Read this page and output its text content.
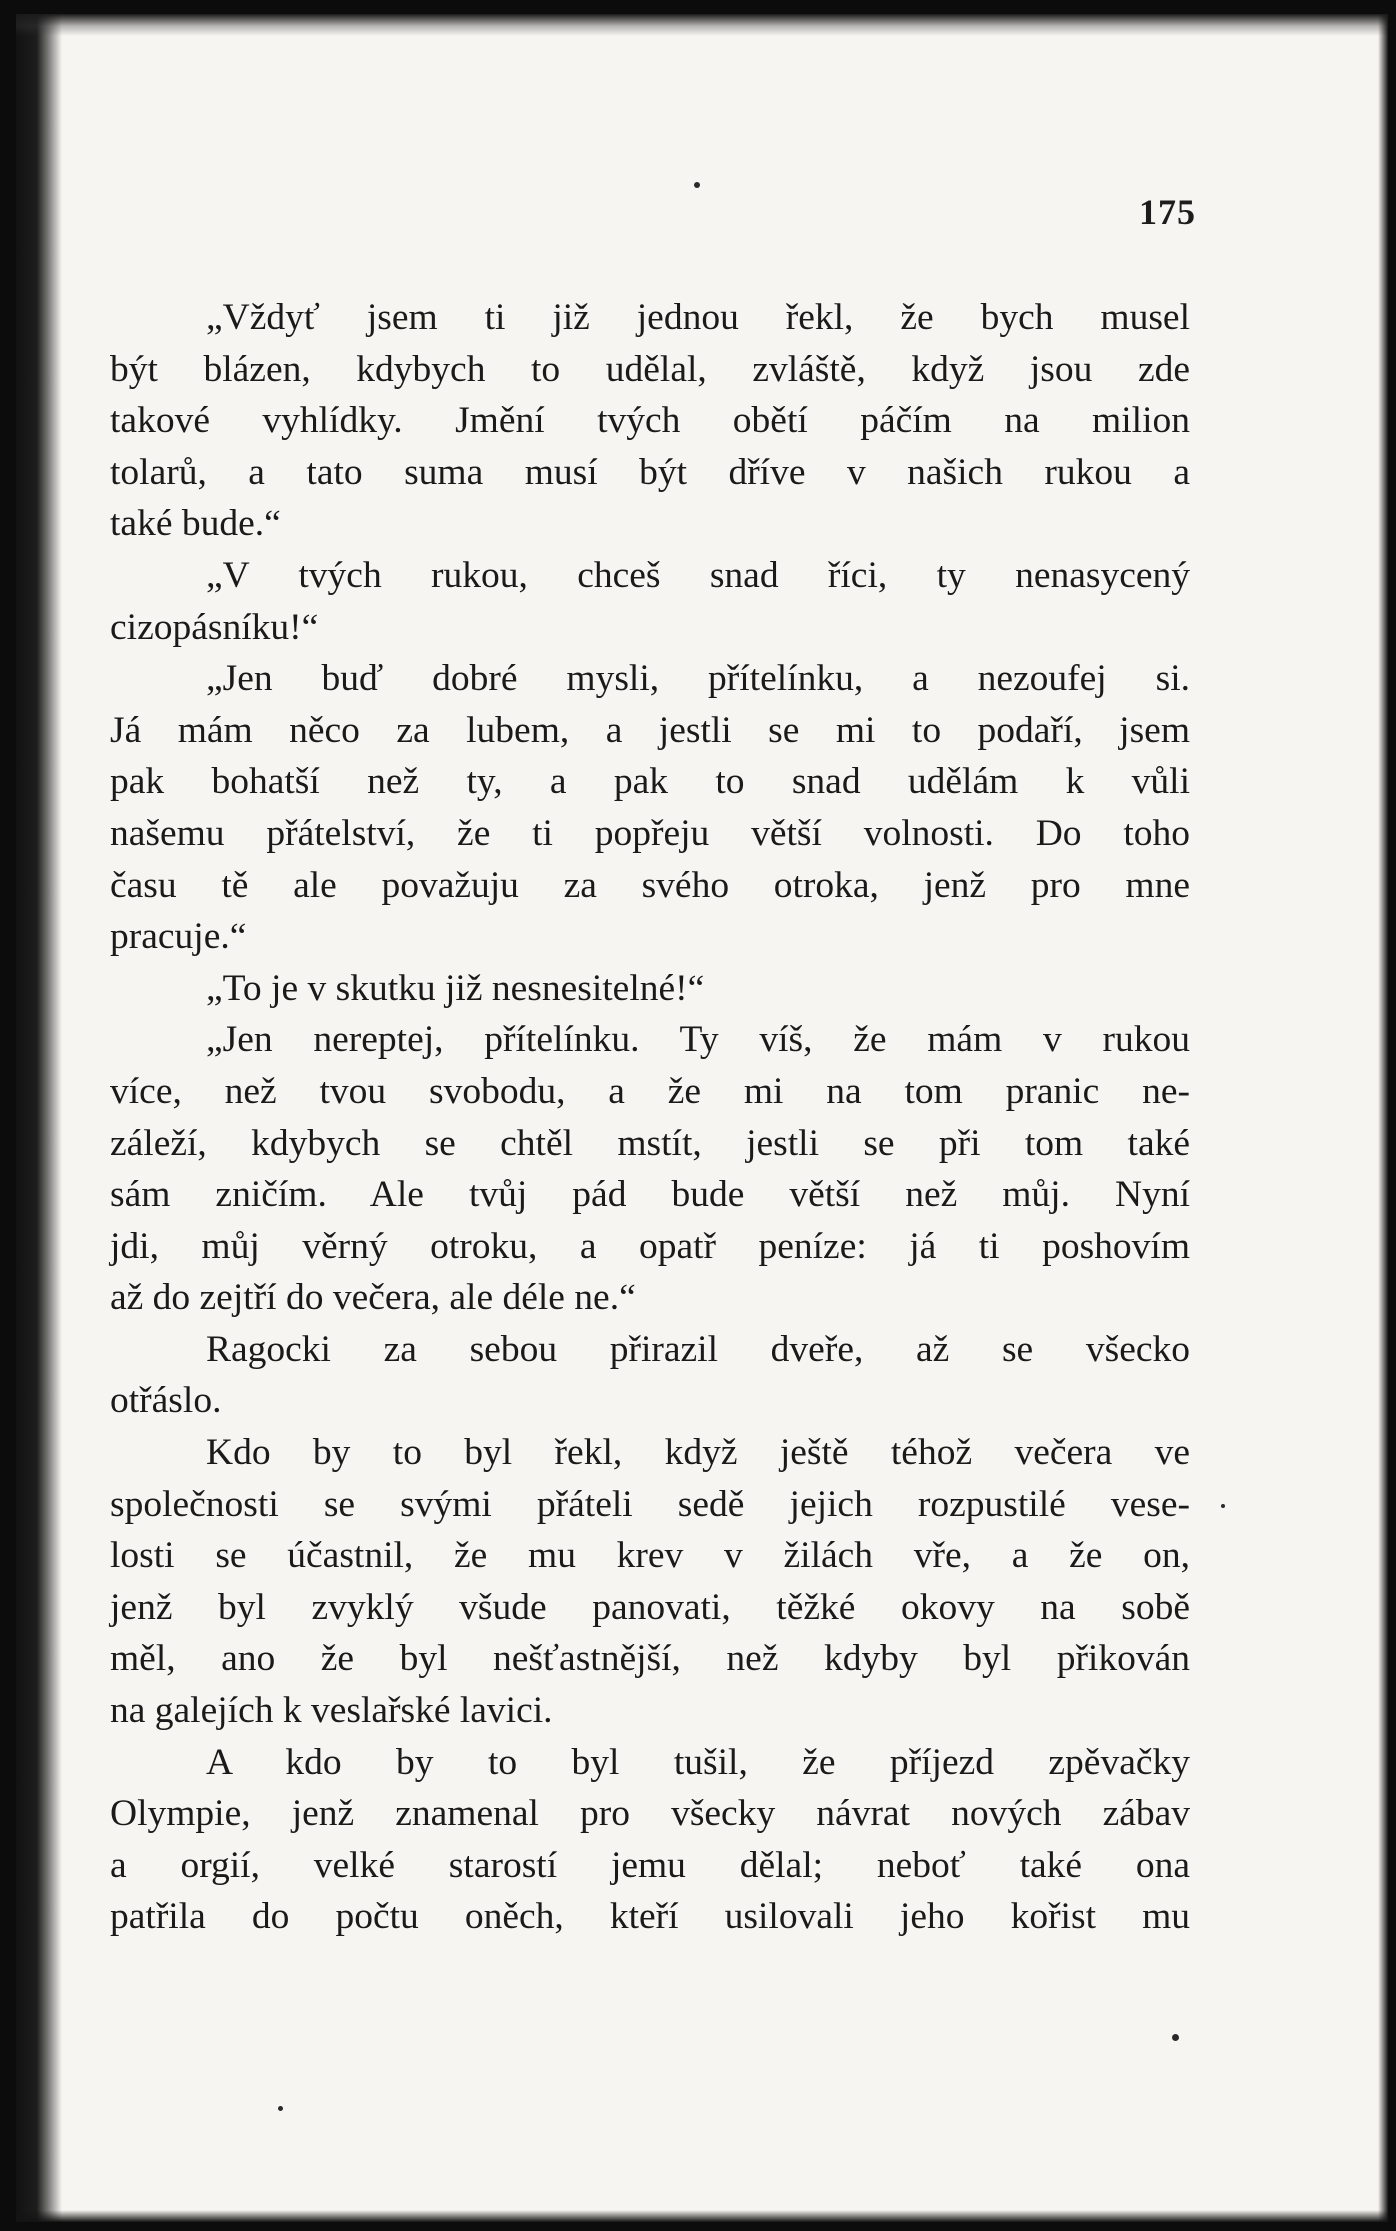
175
„Vždyť jsem ti již jednou řekl, že bych musel
být blázen, kdybych to udělal, zvláště, když jsou zde
takové vyhlídky. Jmění tvých obětí páčím na milion
tolarů, a tato suma musí být dříve v našich rukou a
také bude.“
„V tvých rukou, chceš snad říci, ty nenasycený
cizopásníku!“
„Jen buď dobré mysli, přítelínku, a nezoufej si.
Já mám něco za lubem, a jestli se mi to podaří, jsem
pak bohatší než ty, a pak to snad udělám k vůli
našemu přátelství, že ti popřeju větší volnosti. Do toho
času tě ale považuju za svého otroka, jenž pro mne
pracuje.“
„To je v skutku již nesnesitelné!“
„Jen nereptej, přítelínku. Ty víš, že mám v rukou
více, než tvou svobodu, a že mi na tom pranic ne-
záleží, kdybych se chtěl mstít, jestli se při tom také
sám zničím. Ale tvůj pád bude větší než můj. Nyní
jdi, můj věrný otroku, a opatř peníze: já ti poshovím
až do zejtří do večera, ale déle ne.“
Ragocki za sebou přirazil dveře, až se všecko
otřáslo.
Kdo by to byl řekl, když ještě téhož večera ve
společnosti se svými přáteli sedě jejich rozpustilé vese-
losti se účastnil, že mu krev v žilách vře, a že on,
jenž byl zvyklý všude panovati, těžké okovy na sobě
měl, ano že byl nešťastnější, než kdyby byl přikován
na galejích k veslařské lavici.
A kdo by to byl tušil, že příjezd zpěvačky
Olympie, jenž znamenal pro všecky návrat nových zábav
a orgií, velké starostí jemu dělal; neboť také ona
patřila do počtu oněch, kteří usilovali jeho kořist mu
